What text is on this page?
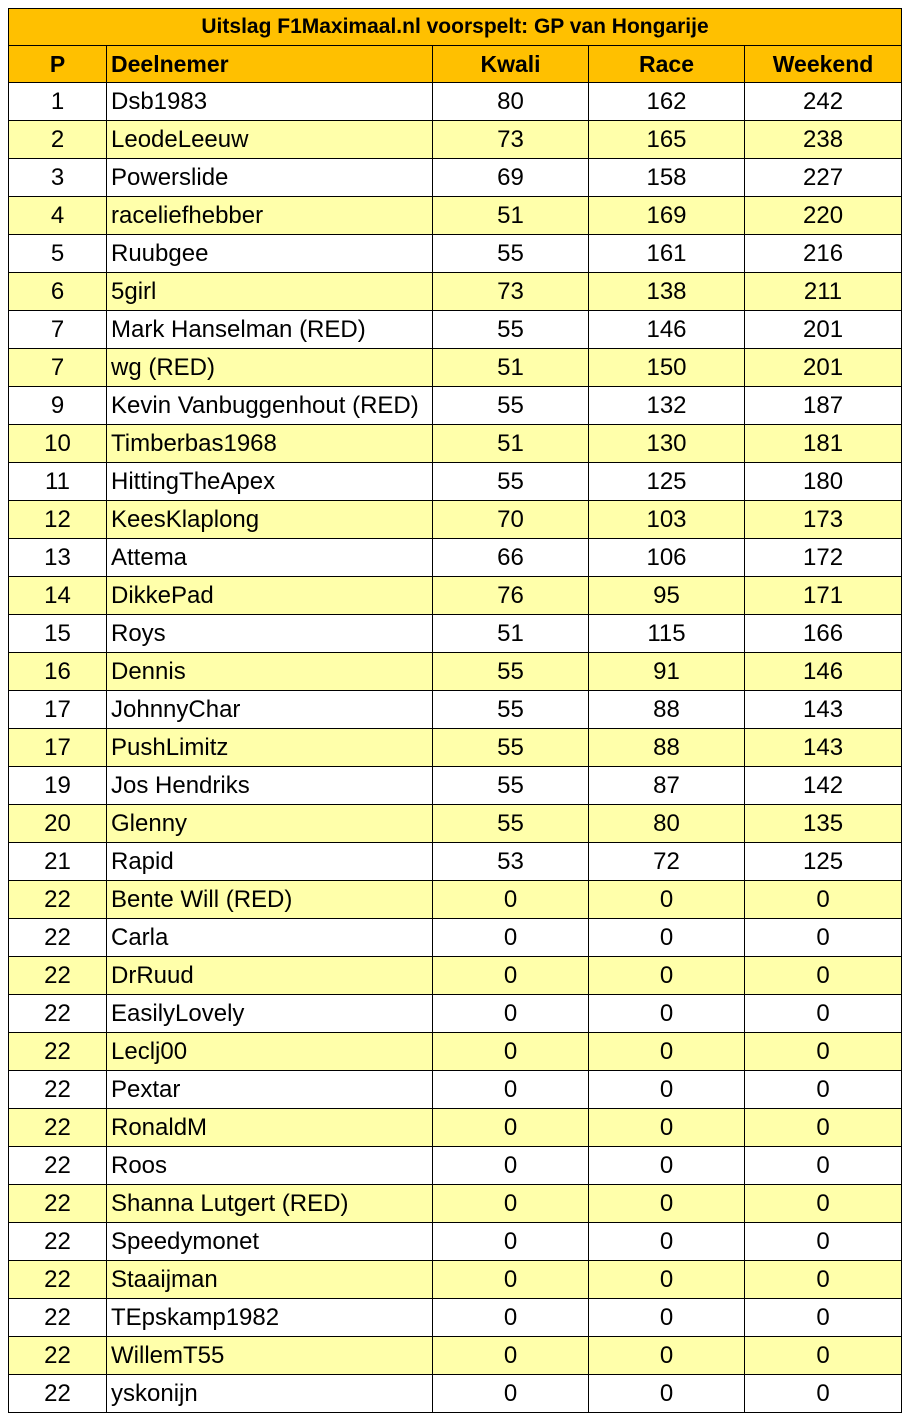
Uitslag F1Maximaal.nl voorspelt: GP van Hongarije				
P	Deelnemer	Kwali	Race	Weekend
1	Dsb1983	80	162	242
2	LeodeLeeuw	73	165	238
3	Powerslide	69	158	227
4	raceliefhebber	51	169	220
5	Ruubgee	55	161	216
6	5girl	73	138	211
7	Mark Hanselman (RED)	55	146	201
7	wg (RED)	51	150	201
9	Kevin Vanbuggenhout (RED)	55	132	187
10	Timberbas1968	51	130	181
11	HittingTheApex	55	125	180
12	KeesKlaplong	70	103	173
13	Attema	66	106	172
14	DikkePad	76	95	171
15	Roys	51	115	166
16	Dennis	55	91	146
17	JohnnyChar	55	88	143
17	PushLimitz	55	88	143
19	Jos Hendriks	55	87	142
20	Glenny	55	80	135
21	Rapid	53	72	125
22	Bente Will (RED)	0	0	0
22	Carla	0	0	0
22	DrRuud	0	0	0
22	EasilyLovely	0	0	0
22	Leclj00	0	0	0
22	Pextar	0	0	0
22	RonaldM	0	0	0
22	Roos	0	0	0
22	Shanna Lutgert (RED)	0	0	0
22	Speedymonet	0	0	0
22	Staaijman	0	0	0
22	TEpskamp1982	0	0	0
22	WillemT55	0	0	0
22	yskonijn	0	0	0
